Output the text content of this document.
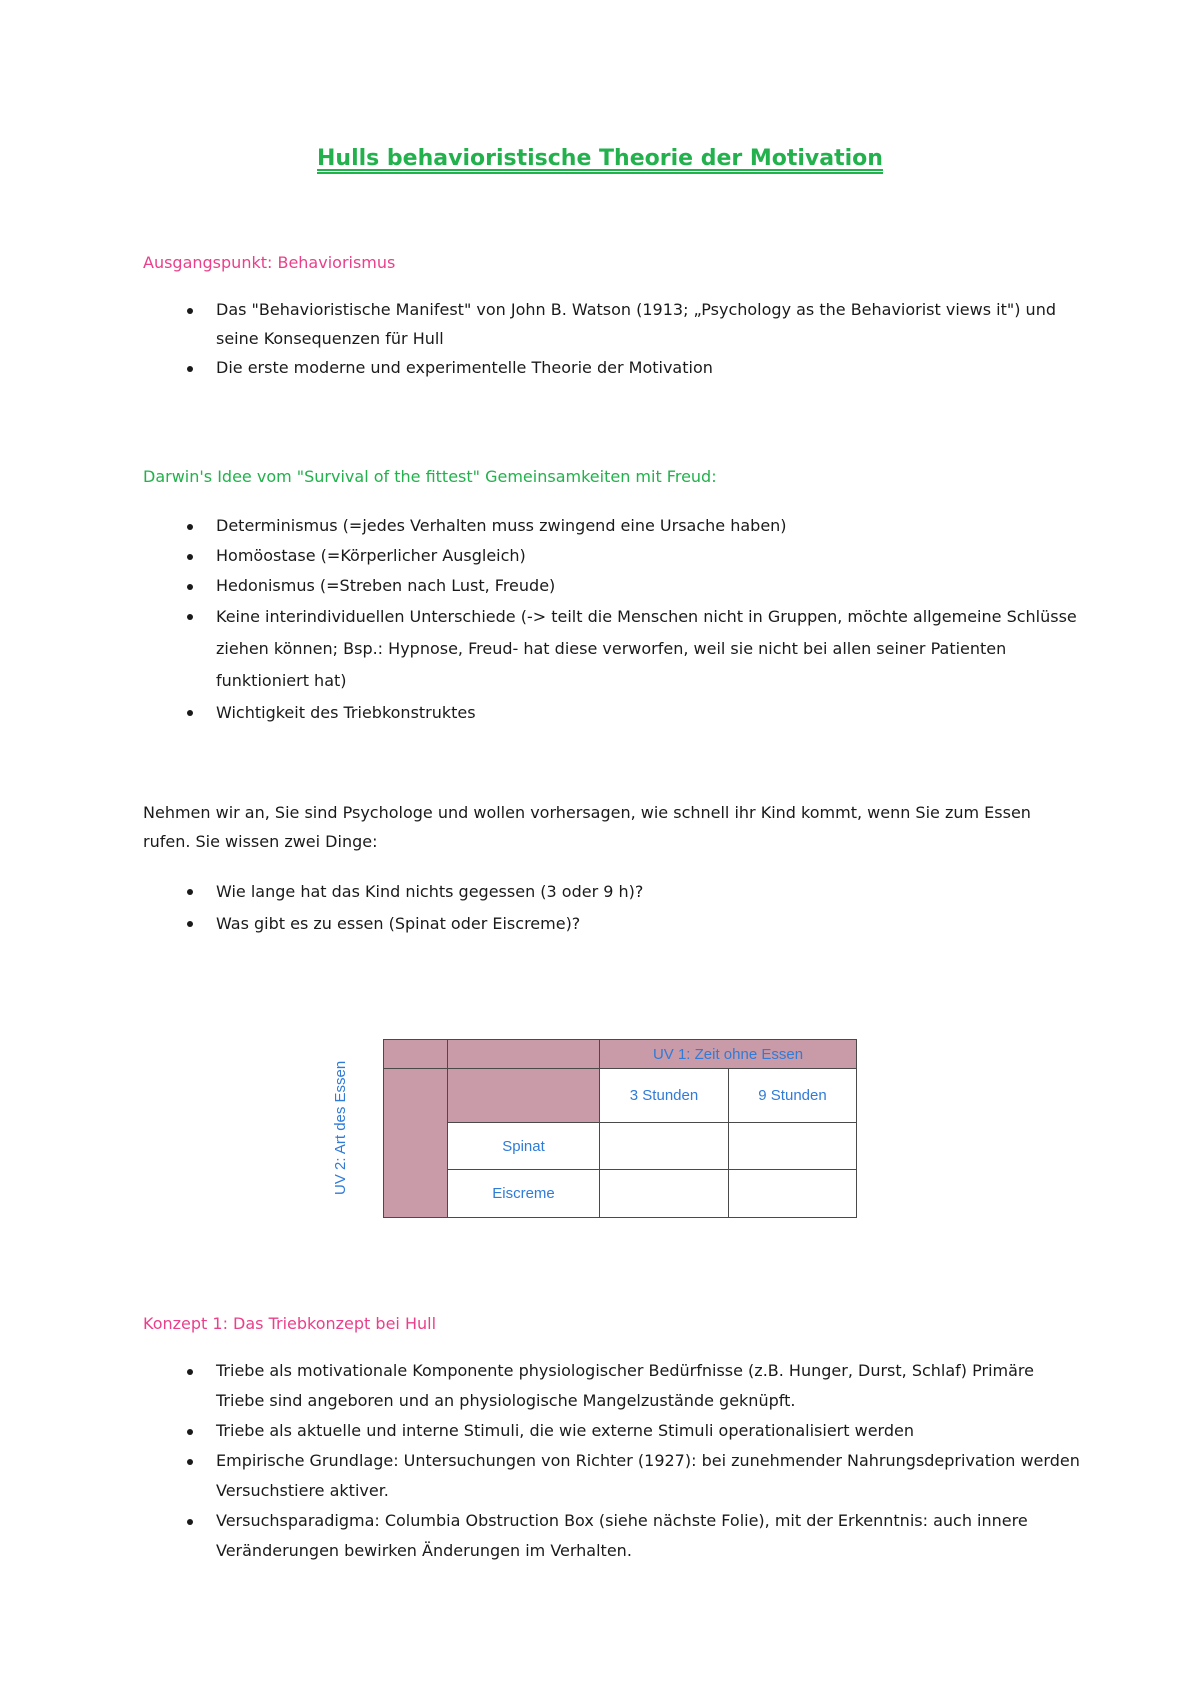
Hulls behavioristische Theorie der Motivation

Ausgangspunkt: Behaviorismus

Das "Behavioristische Manifest" von John B. Watson (1913; „Psychology as the Behaviorist views it") und seine Konsequenzen für Hull
Die erste moderne und experimentelle Theorie der Motivation

Darwin's Idee vom "Survival of the fittest" Gemeinsamkeiten mit Freud:

Determinismus (=jedes Verhalten muss zwingend eine Ursache haben)
Homöostase (=Körperlicher Ausgleich)
Hedonismus (=Streben nach Lust, Freude)
Keine interindividuellen Unterschiede (-> teilt die Menschen nicht in Gruppen, möchte allgemeine Schlüsse ziehen können; Bsp.: Hypnose, Freud- hat diese verworfen, weil sie nicht bei allen seiner Patienten funktioniert hat)
Wichtigkeit des Triebkonstruktes

Nehmen wir an, Sie sind Psychologe und wollen vorhersagen, wie schnell ihr Kind kommt, wenn Sie zum Essen rufen. Sie wissen zwei Dinge:

Wie lange hat das Kind nichts gegessen (3 oder 9 h)?
Was gibt es zu essen (Spinat oder Eiscreme)?
UV 2: Art des Essen
		UV 1: Zeit ohne Essen	
		3 Stunden	9 Stunden
	Spinat		
	Eiscreme		

Konzept 1: Das Triebkonzept bei Hull

Triebe als motivationale Komponente physiologischer Bedürfnisse (z.B. Hunger, Durst, Schlaf) Primäre Triebe sind angeboren und an physiologische Mangelzustände geknüpft.
Triebe als aktuelle und interne Stimuli, die wie externe Stimuli operationalisiert werden
Empirische Grundlage: Untersuchungen von Richter (1927): bei zunehmender Nahrungsdeprivation werden Versuchstiere aktiver.
Versuchsparadigma: Columbia Obstruction Box (siehe nächste Folie), mit der Erkenntnis: auch innere Veränderungen bewirken Änderungen im Verhalten.
